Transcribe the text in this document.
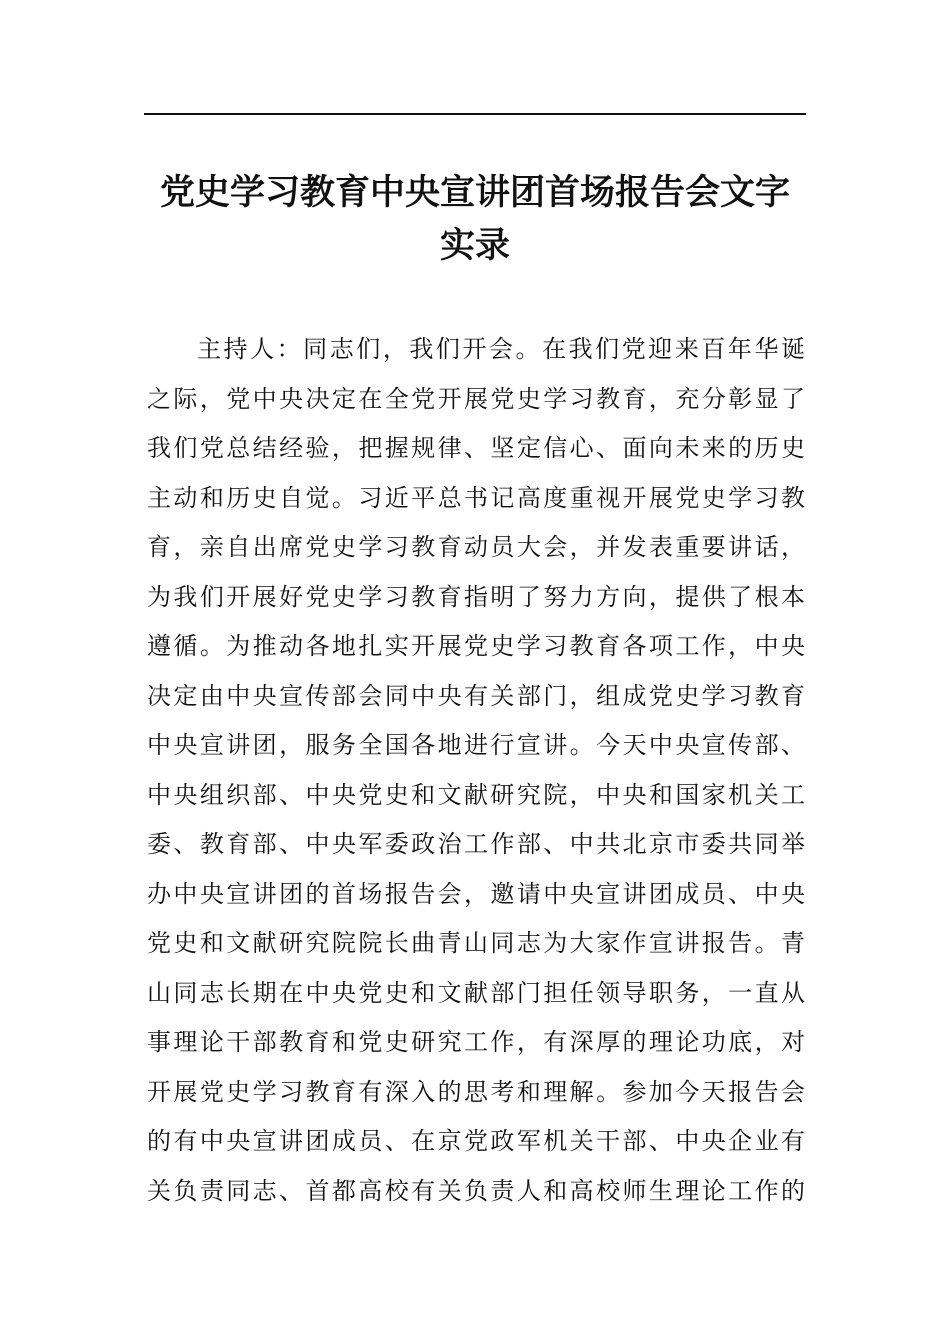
党史学习教育中央宣讲团首场报告会文字
实录
主持人：同志们，我们开会。在我们党迎来百年华诞
之际，党中央决定在全党开展党史学习教育，充分彰显了
我们党总结经验，把握规律、坚定信心、面向未来的历史
主动和历史自觉。习近平总书记高度重视开展党史学习教
育，亲自出席党史学习教育动员大会，并发表重要讲话，
为我们开展好党史学习教育指明了努力方向，提供了根本
遵循。为推动各地扎实开展党史学习教育各项工作，中央
决定由中央宣传部会同中央有关部门，组成党史学习教育
中央宣讲团，服务全国各地进行宣讲。今天中央宣传部、
中央组织部、中央党史和文献研究院，中央和国家机关工
委、教育部、中央军委政治工作部、中共北京市委共同举
办中央宣讲团的首场报告会，邀请中央宣讲团成员、中央
党史和文献研究院院长曲青山同志为大家作宣讲报告。青
山同志长期在中央党史和文献部门担任领导职务，一直从
事理论干部教育和党史研究工作，有深厚的理论功底，对
开展党史学习教育有深入的思考和理解。参加今天报告会
的有中央宣讲团成员、在京党政军机关干部、中央企业有
关负责同志、首都高校有关负责人和高校师生理论工作的
